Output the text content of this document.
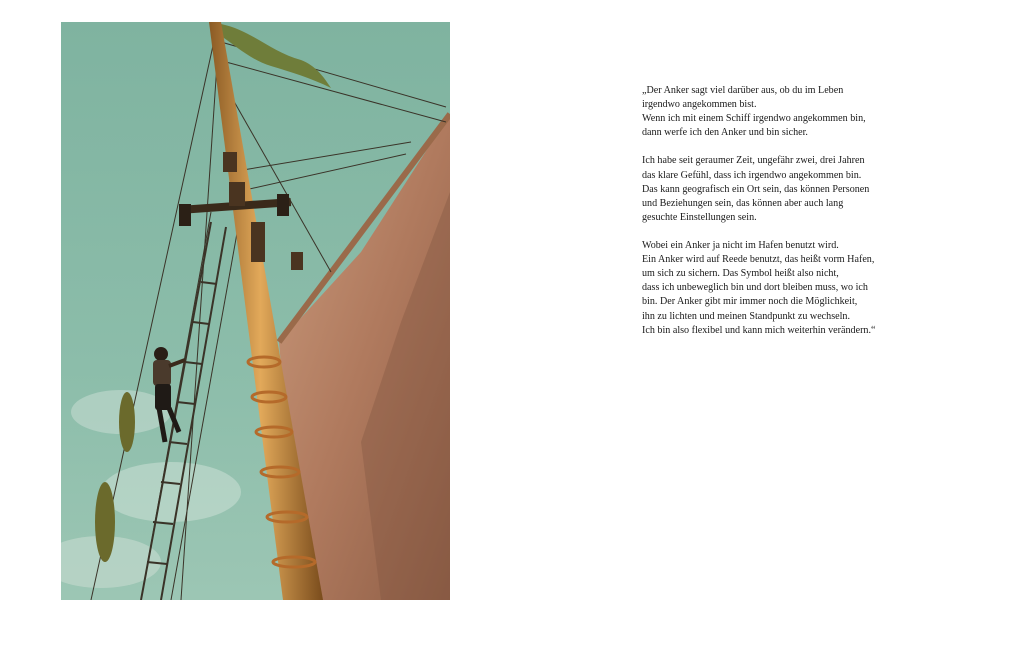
„Der Anker sagt viel darüber aus, ob du im Leben
irgendwo angekommen bist.
Wenn ich mit einem Schiff irgendwo angekommen bin,
dann werfe ich den Anker und bin sicher.

Ich habe seit geraumer Zeit, ungefähr zwei, drei Jahren
das klare Gefühl, dass ich irgendwo angekommen bin.
Das kann geografisch ein Ort sein, das können Personen
und Beziehungen sein, das können aber auch lang
gesuchte Einstellungen sein.

Wobei ein Anker ja nicht im Hafen benutzt wird.
Ein Anker wird auf Reede benutzt, das heißt vorm Hafen,
um sich zu sichern. Das Symbol heißt also nicht,
dass ich unbeweglich bin und dort bleiben muss, wo ich
bin. Der Anker gibt mir immer noch die Möglichkeit,
ihn zu lichten und meinen Standpunkt zu wechseln.
Ich bin also flexibel und kann mich weiterhin verändern.“
